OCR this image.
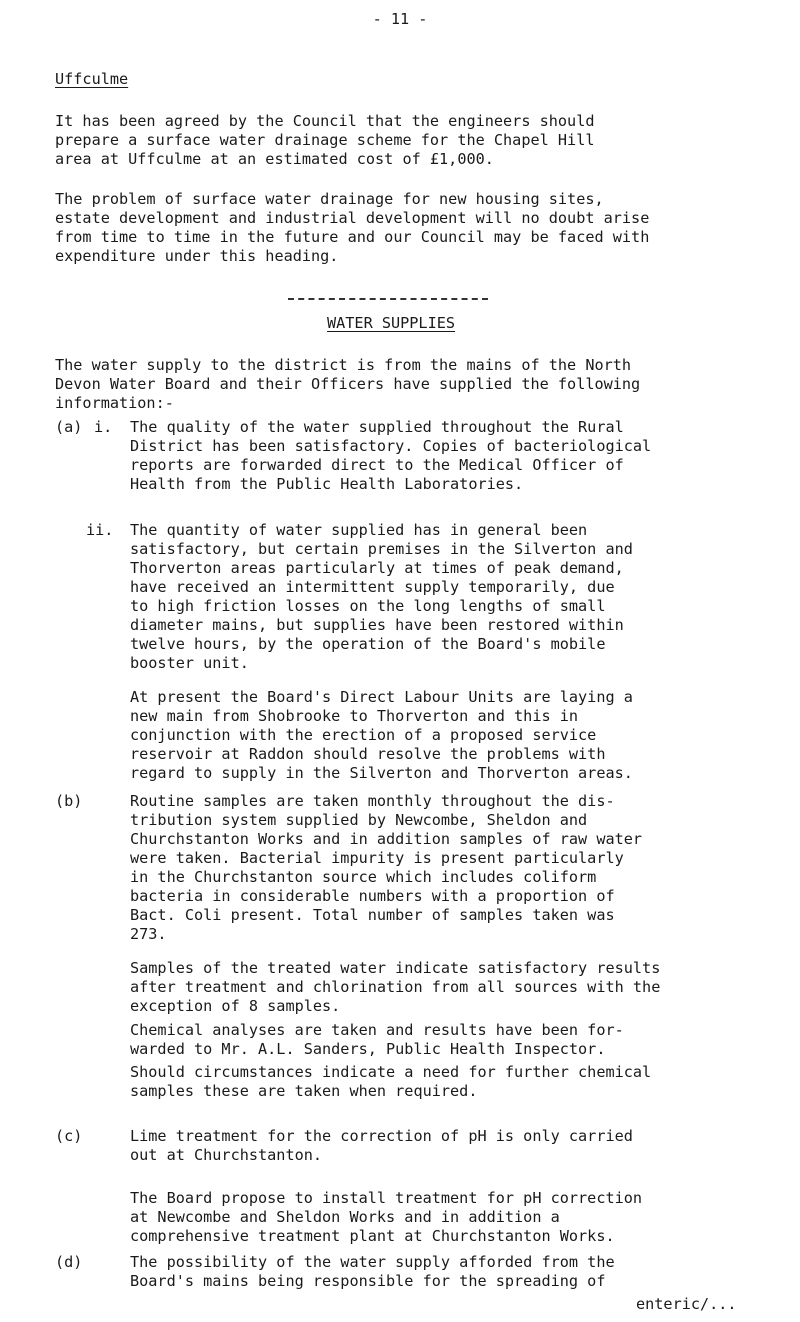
- 11 -
Uffculme

It has been agreed by the Council that the engineers should
prepare a surface water drainage scheme for the Chapel Hill
area at Uffculme at an estimated cost of £1,000.

The problem of surface water drainage for new housing sites,
estate development and industrial development will no doubt arise
from time to time in the future and our Council may be faced with
expenditure under this heading.

WATER SUPPLIES

The water supply to the district is from the mains of the North
Devon Water Board and their Officers have supplied the following
information:-

(a) i. The quality of the water supplied throughout the Rural
District has been satisfactory. Copies of bacteriological
reports are forwarded direct to the Medical Officer of
Health from the Public Health Laboratories.

ii. The quantity of water supplied has in general been
satisfactory, but certain premises in the Silverton and
Thorverton areas particularly at times of peak demand,
have received an intermittent supply temporarily, due
to high friction losses on the long lengths of small
diameter mains, but supplies have been restored within
twelve hours, by the operation of the Board's mobile
booster unit.

At present the Board's Direct Labour Units are laying a
new main from Shobrooke to Thorverton and this in
conjunction with the erection of a proposed service
reservoir at Raddon should resolve the problems with
regard to supply in the Silverton and Thorverton areas.

(b)	Routine samples are taken monthly throughout the dis-
tribution system supplied by Newcombe, Sheldon and
Churchstanton Works and in addition samples of raw water
were taken. Bacterial impurity is present particularly
in the Churchstanton source which includes coliform
bacteria in considerable numbers with a proportion of
Bact. Coli present. Total number of samples taken was
273.

Samples of the treated water indicate satisfactory results
after treatment and chlorination from all sources with the
exception of 8 samples.

Chemical analyses are taken and results have been for-
warded to Mr. A.L. Sanders, Public Health Inspector.

Should circumstances indicate a need for further chemical
samples these are taken when required.

(c)	Lime treatment for the correction of pH is only carried
out at Churchstanton.

The Board propose to install treatment for pH correction
at Newcombe and Sheldon Works and in addition a
comprehensive treatment plant at Churchstanton Works.

(d)	The possibility of the water supply afforded from the
Board's mains being responsible for the spreading of

enteric/...
